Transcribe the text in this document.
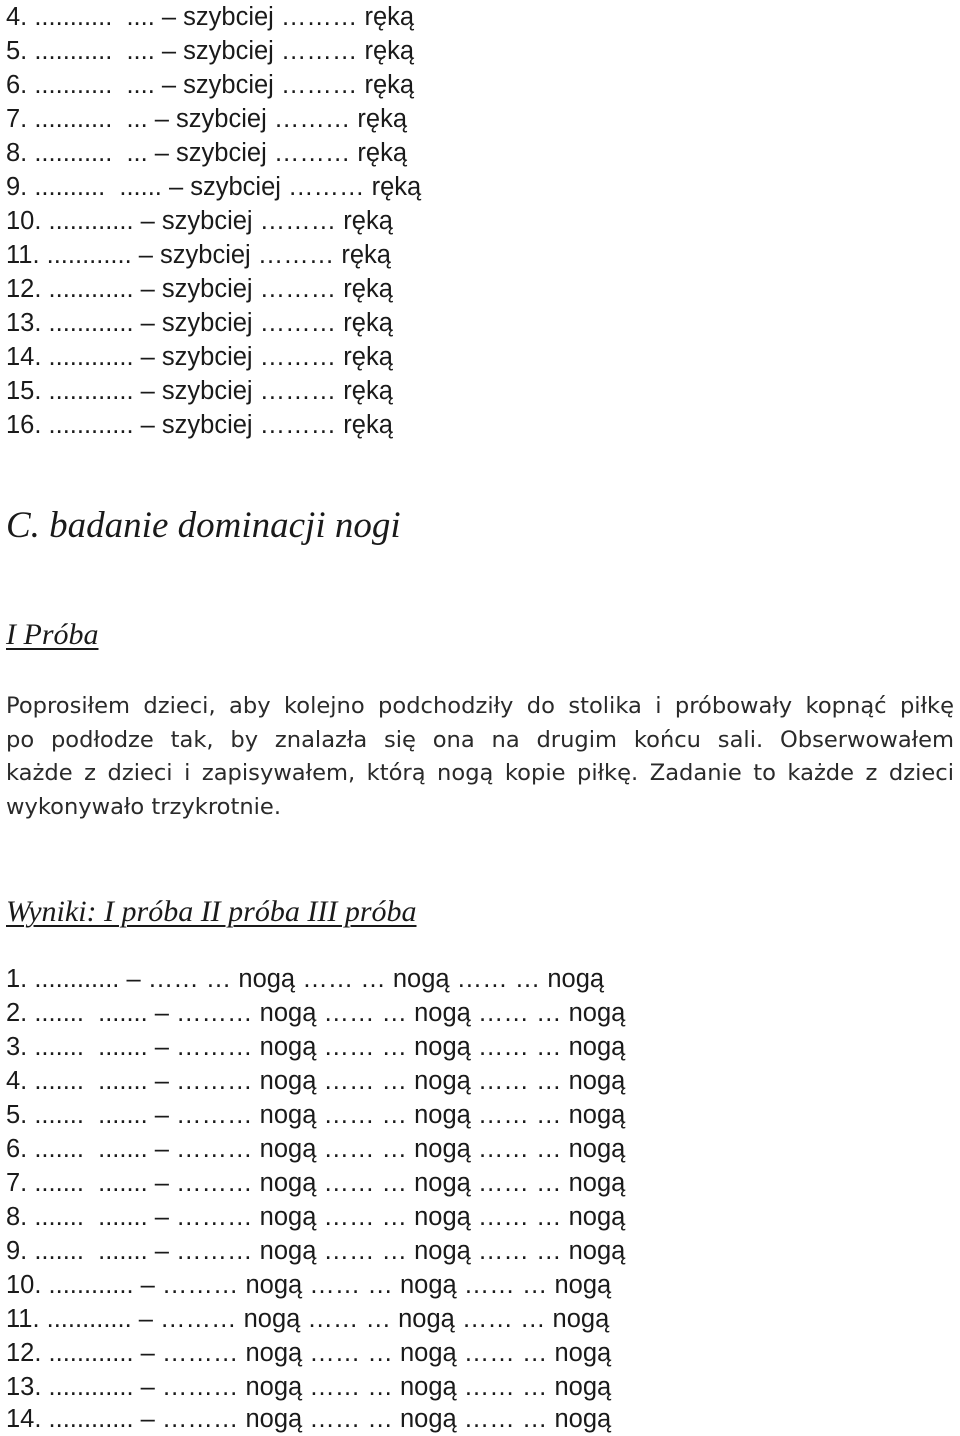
4. ...........  .... – szybciej ……… ręką
5. ...........  .... – szybciej ……… ręką
6. ...........  .... – szybciej ……… ręką
7. ...........  ... – szybciej ……… ręką
8. ...........  ... – szybciej ……… ręką
9. ..........  ...... – szybciej ……… ręką
10. ............ – szybciej ……… ręką
11. ............ – szybciej ……… ręką
12. ............ – szybciej ……… ręką
13. ............ – szybciej ……… ręką
14. ............ – szybciej ……… ręką
15. ............ – szybciej ……… ręką
16. ............ – szybciej ……… ręką
C. badanie dominacji nogi
I Próba
Poprosiłem dzieci, aby kolejno podchodziły do stolika i próbowały kopnąć piłkę
po podłodze tak, by znalazła się ona na drugim końcu sali. Obserwowałem
każde z dzieci i zapisywałem, którą nogą kopie piłkę. Zadanie to każde z dzieci
wykonywało trzykrotnie.
Wyniki: I próba II próba III próba
1. ............ – …… … nogą …… … nogą …… … nogą
2. .......  ....... – ……… nogą …… … nogą …… … nogą
3. .......  ....... – ……… nogą …… … nogą …… … nogą
4. .......  ....... – ……… nogą …… … nogą …… … nogą
5. .......  ....... – ……… nogą …… … nogą …… … nogą
6. .......  ....... – ……… nogą …… … nogą …… … nogą
7. .......  ....... – ……… nogą …… … nogą …… … nogą
8. .......  ....... – ……… nogą …… … nogą …… … nogą
9. .......  ....... – ……… nogą …… … nogą …… … nogą
10. ............ – ……… nogą …… … nogą …… … nogą
11. ............ – ……… nogą …… … nogą …… … nogą
12. ............ – ……… nogą …… … nogą …… … nogą
13. ............ – ……… nogą …… … nogą …… … nogą
14. ............ – ……… nogą …… … nogą …… … nogą
